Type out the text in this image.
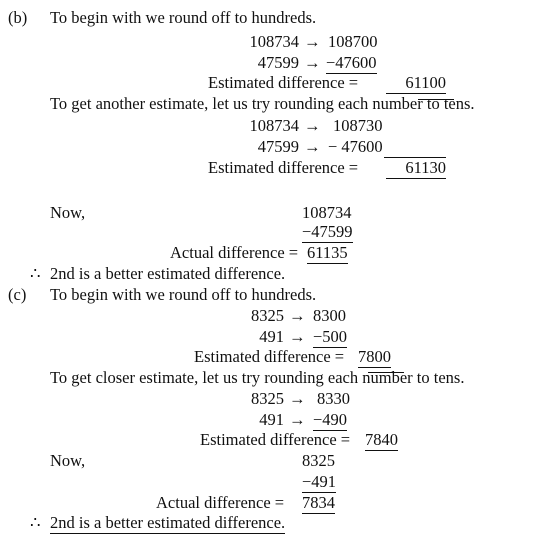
(b) To begin with we round off to hundreds.
108734 → 108700
47599 → −47600
Estimated difference =	61100
To get another estimate, let us try rounding each number to tens.
108734 → 108730
47599 → − 47600
Estimated difference =	61130
Now,	108734
−47599
Actual difference = 61135
∴ 2nd is a better estimated difference.
(c) To begin with we round off to hundreds.
8325 → 8300
491 → −500
Estimated difference = 7800
To get closer estimate, let us try rounding each number to tens.
8325 → 8330
491 → −490
Estimated difference = 7840
Now,	8325
−491
Actual difference = 7834
∴ 2nd is a better estimated difference.
